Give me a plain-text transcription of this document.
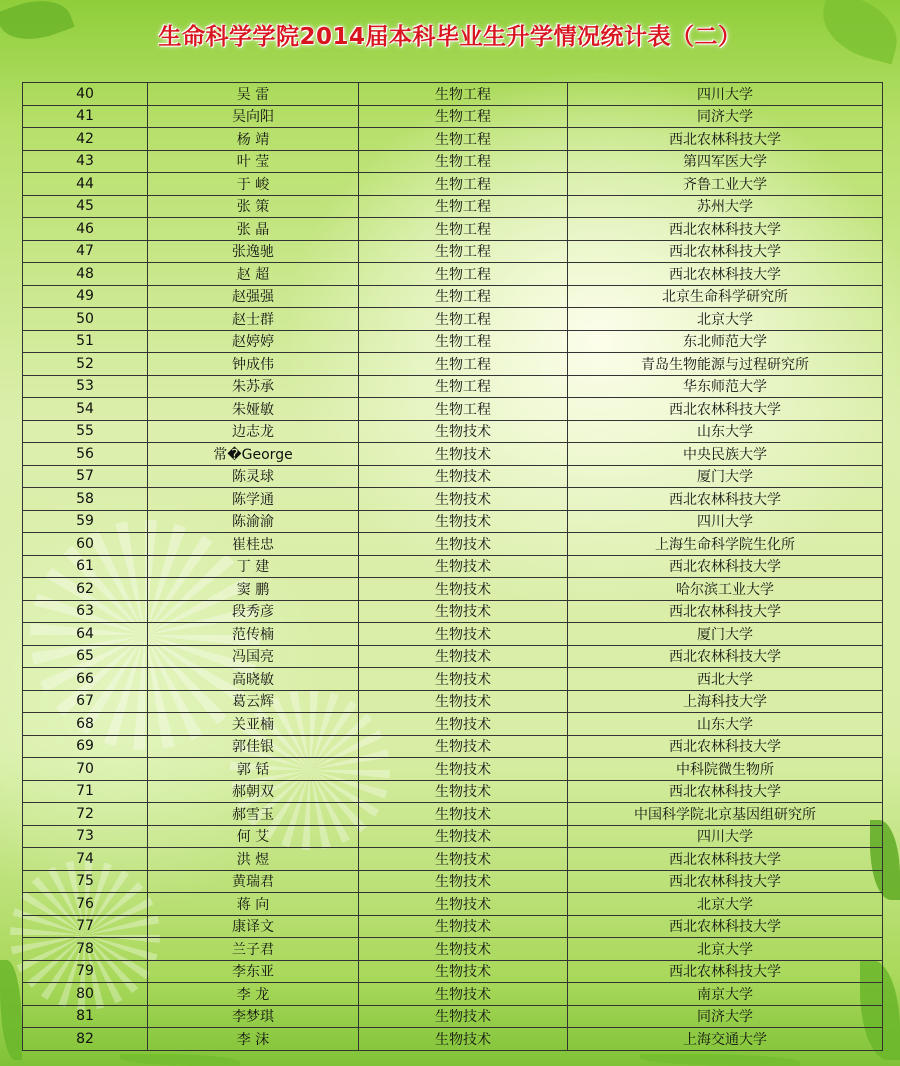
生命科学学院2014届本科毕业生升学情况统计表（二）
40	吴 雷	生物工程	四川大学
41	吴向阳	生物工程	同济大学
42	杨 靖	生物工程	西北农林科技大学
43	叶 莹	生物工程	第四军医大学
44	于 峻	生物工程	齐鲁工业大学
45	张 策	生物工程	苏州大学
46	张 晶	生物工程	西北农林科技大学
47	张逸驰	生物工程	西北农林科技大学
48	赵 超	生物工程	西北农林科技大学
49	赵强强	生物工程	北京生命科学研究所
50	赵士群	生物工程	北京大学
51	赵婷婷	生物工程	东北师范大学
52	钟成伟	生物工程	青岛生物能源与过程研究所
53	朱苏承	生物工程	华东师范大学
54	朱娅敏	生物工程	西北农林科技大学
55	边志龙	生物技术	山东大学
56	常�George	生物技术	中央民族大学
57	陈灵球	生物技术	厦门大学
58	陈学通	生物技术	西北农林科技大学
59	陈渝渝	生物技术	四川大学
60	崔桂忠	生物技术	上海生命科学院生化所
61	丁 建	生物技术	西北农林科技大学
62	窦 鹏	生物技术	哈尔滨工业大学
63	段秀彦	生物技术	西北农林科技大学
64	范传楠	生物技术	厦门大学
65	冯国亮	生物技术	西北农林科技大学
66	高晓敏	生物技术	西北大学
67	葛云辉	生物技术	上海科技大学
68	关亚楠	生物技术	山东大学
69	郭佳银	生物技术	西北农林科技大学
70	郭 铦	生物技术	中科院微生物所
71	郝朝双	生物技术	西北农林科技大学
72	郝雪玉	生物技术	中国科学院北京基因组研究所
73	何 艾	生物技术	四川大学
74	洪 煜	生物技术	西北农林科技大学
75	黄瑞君	生物技术	西北农林科技大学
76	蒋 向	生物技术	北京大学
77	康译文	生物技术	西北农林科技大学
78	兰子君	生物技术	北京大学
79	李东亚	生物技术	西北农林科技大学
80	李 龙	生物技术	南京大学
81	李梦琪	生物技术	同济大学
82	李 沫	生物技术	上海交通大学
